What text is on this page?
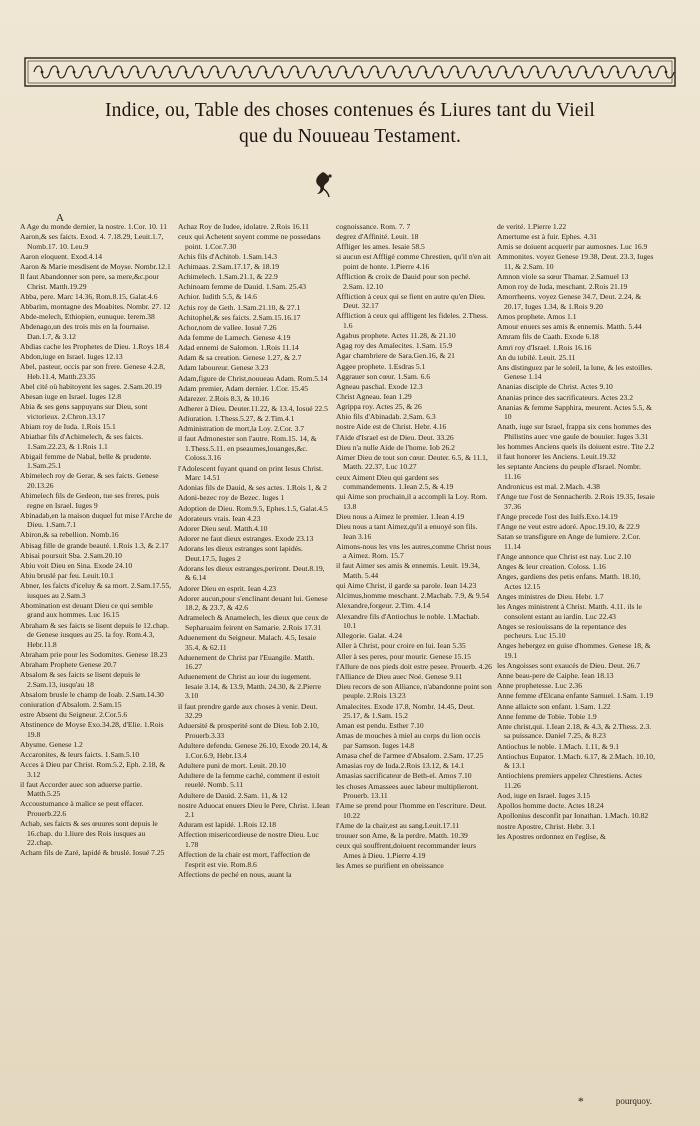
Indice, ou, Table des choses contenues és Liures tant du Vieil
que du Nouueau Testament.
A
A Age du monde dernier, la nostre. 1.Cor. 10. 11
Aaron,& ses faicts. Exod. 4. 7.18.29, Leuit.1.7, Nomb.17. 10. Leu.9
Aaron eloquent. Exod.4.14
Aaron & Marie mesdisent de Moyse. Nombr.12.1
Il faut Abandonner son pere, sa mere,&c.pour Christ. Matth.19.29
Abba, pere. Marc 14.36, Rom.8.15, Galat.4.6
Abbarim, montagne des Moabites. Nombr. 27. 12
Abde-melech, Ethiopien, eunuque. Ierem.38
Abdenago,un des trois mis en la fournaise. Dan.1.7, & 3.12
Abdias cache les Prophetes de Dieu. 1.Roys 18.4
Abdon,iuge en Israel. Iuges 12.13
Abel, pasteur, occis par son frere. Genese 4.2.8, Heb.11.4, Matth.23.35
Abel cité où habitoyent les sages. 2.Sam.20.19
Abesan iuge en Israel. Iuges 12.8
Abia & ses gens sappuyans sur Dieu, sont victorieux. 2.Chron.13.17
Abiam roy de Iuda. 1.Rois 15.1
Abiathar fils d'Achimelech, & ses faicts. 1.Sam.22.23, & 1.Rois 1.1
Abigail femme de Nabal, belle & prudente. 1.Sam.25.1
Abimelech roy de Gerar, & ses faicts. Genese 20.13.26
Abimelech fils de Gedeon, tue ses freres, puis regne en Israel. Iuges 9
Abinadab,en la maison duquel fut mise l'Arche de Dieu. 1.Sam.7.1
Abiron,& sa rebellion. Nomb.16
Abisag fille de grande beauté. 1.Rois 1.3, & 2.17
Abisai poursuit Sba. 2.Sam.20.10
Abiu voit Dieu en Sina. Exode 24.10
Abiu bruslé par feu. Leuit.10.1
Abner, les faicts d'iceluy & sa mort. 2.Sam.17.55, iusques au 2.Sam.3
Abomination est deuant Dieu ce qui semble grand aux hommes. Luc 16.15
Abraham & ses faicts se lisent depuis le 12.chap. de Genese iusques au 25. la foy. Rom.4.3, Hebr.11.8
Abraham prie pour les Sodomites. Genese 18.23
Abraham Prophete Genese 20.7
Absalom & ses faicts se lisent depuis le 2.Sam.13, iusqu'au 18
Absalom brusle le champ de Ioab. 2.Sam.14.30
coniuration d'Absalom. 2.Sam.15
estre Absent du Seigneur. 2.Cor.5.6
Abstinence de Moyse Exo.34.28, d'Elie. 1.Rois 19.8
Abysme. Genese 1.2
Accaronites, & leurs faicts. 1.Sam.5.10
Acces à Dieu par Christ. Rom.5.2, Eph. 2.18, & 3.12
il faut Accorder auec son aduerse partie. Matth.5.25
Accoustumance à malice se peut effacer. Prouerb.22.6
Achab, ses faicts & ses œuures sont depuis le 16.chap. du 1.liure des Rois iusques au 22.chap.
Acham fils de Zaré, lapidé & bruslé. Iosué 7.25
Achaz Roy de Iudee, idolatre. 2.Rois 16.11
ceux qui Achetent soyent comme ne possedans point. 1.Cor.7.30
Achis fils d'Achitob. 1.Sam.14.3
Achimaas. 2.Sam.17.17, & 18.19
Achimelech. 1.Sam.21.1, & 22.9
Achinoam femme de Dauid. 1.Sam. 25.43
Achior. Iudith 5.5, & 14.6
Achis roy de Geth. 1.Sam.21.10, & 27.1
Achitophel,& ses faicts. 2.Sam.15.16.17
Achor,nom de vallee. Iosué 7.26
Ada femme de Lamech. Genese 4.19
Adad ennemi de Salomon. 1.Rois 11.14
Adam & sa creation. Genese 1.27, & 2.7
Adam laboureur. Genese 3.23
Adam,figure de Christ,nouueau Adam. Rom.5.14
Adam premier, Adam dernier. 1.Cor. 15.45
Adarezer. 2.Rois 8.3, & 10.16
Adherer à Dieu. Deuter.11.22, & 13.4, Iosué 22.5
Adiuration. 1.Thess.5.27, & 2.Tim.4.1
Administration de mort,la Loy. 2.Cor. 3.7
il faut Admonester son l'autre. Rom.15. 14, & 1.Thess.5.11. en pseaumes,louanges,&c. Coloss.3.16
l'Adolescent fuyant quand on print Iesus Christ. Marc 14.51
Adonias fils de Dauid, & ses actes. 1.Rois 1, & 2
Adoni-bezec roy de Bezec. Iuges 1
Adoption de Dieu. Rom.9.5, Ephes.1.5, Galat.4.5
Adorateurs vrais. Iean 4.23
Adorer Dieu seul. Matth.4.10
Adorer ne faut dieux estranges. Exode 23.13
Adorans les dieux estranges sont lapidés. Deut.17.5, Iuges 2
Adorans les dieux estranges,periront. Deut.8.19, & 6.14
Adorer Dieu en esprit. Iean 4.23
Adorer aucun,pour s'enclinant deuant lui. Genese 18.2, & 23.7, & 42.6
Adramelech & Anamelech, les dieux que ceux de Sepharuaim feirent en Samarie. 2.Rois 17.31
Aduenement du Seigneur. Malach. 4.5, Iesaie 35.4, & 62.11
Aduenement de Christ par l'Euangile. Matth. 16.27
Aduenement de Christ au iour du iugement. Iesaie 3.14, & 13.9, Matth. 24.30, & 2.Pierre 3.10
il faut prendre garde aux choses à venir. Deut. 32.29
Aduersité & prosperité sont de Dieu. Iob 2.10, Prouerb.3.33
Adultere defendu. Genese 26.10, Exode 20.14, & 1.Cor.6.9, Hebr.13.4
Adultere puni de mort. Leuit. 20.10
Adultere de la femme caché, comment il estoit reuelé. Nomb. 5.11
Adultere de Dauid. 2.Sam. 11, & 12
nostre Aduocat enuers Dieu le Pere, Christ. 1.Iean 2.1
Aduram est lapidé. 1.Rois 12.18
Affection misericordieuse de nostre Dieu. Luc 1.78
Affection de la chair est mort, l'affection de l'esprit est vie. Rom.8.6
Affections de peché en nous, auant la
cognoissance. Rom. 7. 7
degrez d'Affinité. Leuit. 18
Affliger les ames. Iesaie 58.5
si aucun est Affligé comme Chrestien, qu'il n'en ait point de honte. 1.Pierre 4.16
Affliction & croix de Dauid pour son peché. 2.Sam. 12.10
Affliction à ceux qui se fient en autre qu'en Dieu. Deut. 32.17
Affliction à ceux qui affligent les fideles. 2.Thess. 1.6
Agabus prophete. Actes 11.28, & 21.10
Agag roy des Amalecites. 1.Sam. 15.9
Agar chambriere de Sara.Gen.16, & 21
Aggee prophete. 1.Esdras 5.1
Aggrauer son cœur. 1.Sam. 6.6
Agneau paschal. Exode 12.3
Christ Agneau. Iean 1.29
Agrippa roy. Actes 25, & 26
Ahio fils d'Abinadab. 2.Sam. 6.3
nostre Aide est de Christ. Hebr. 4.16
l'Aide d'Israel est de Dieu. Deut. 33.26
Dieu n'a nulle Aide de l'home. Iob 26.2
Aimer Dieu de tout son cœur. Deuter. 6.5, & 11.1, Matth. 22.37, Luc 10.27
ceux Aiment Dieu qui gardent ses commandements. 1.Iean 2.5, & 4.19
qui Aime son prochain,il a accompli la Loy. Rom. 13.8
Dieu nous a Aimez le premier. 1.Iean 4.19
Dieu nous a tant Aimez,qu'il a enuoyé son fils. Iean 3.16
Aimons-nous les vns les autres,comme Christ nous a Aimez. Rom. 15.7
il faut Aimer ses amis & ennemis. Leuit. 19.34, Matth. 5.44
qui Aime Christ, il garde sa parole. Iean 14.23
Alcimus,homme meschant. 2.Machab. 7.9, & 9.54
Alexandre,forgeur. 2.Tim. 4.14
Alexandre fils d'Antiochus le noble. 1.Machab. 10.1
Allegorie. Galat. 4.24
Aller à Christ, pour croire en lui. Iean 5.35
Aller à ses peres, pour mourir. Genese 15.15
l'Allure de nos pieds doit estre pesee. Prouerb. 4.26
l'Alliance de Dieu auec Noé. Genese 9.11
Dieu recors de son Alliance, n'abandonne point son peuple. 2.Rois 13.23
Amalecites. Exode 17.8, Nombr. 14.45, Deut. 25.17, & 1.Sam. 15.2
Aman est pendu. Esther 7.10
Amas de mouches à miel au corps du lion occis par Samson. Iuges 14.8
Amasa chef de l'armee d'Absalom. 2.Sam. 17.25
Amasias roy de Iuda.2.Rois 13.12, & 14.1
Amasias sacrificateur de Beth-el. Amos 7.10
les choses Amassees auec labeur multiplieront. Prouerb. 13.11
l'Ame se prend pour l'homme en l'escriture. Deut. 10.22
l'Ame de la chair,est au sang.Leuit.17.11
trouuer son Ame, & la perdre. Matth. 10.39
ceux qui souffrent,doiuent recommander leurs Ames à Dieu. 1.Pierre 4.19
les Ames se purifient en obeissance
de verité. 1.Pierre 1.22
Amertume est à fuir. Ephes. 4.31
Amis se doiuent acquerir par aumosnes. Luc 16.9
Ammonites. voyez Genese 19.38, Deut. 23.3, Iuges 11, & 2.Sam. 10
Amnon viole sa sœur Thamar. 2.Samuel 13
Amon roy de Iuda, meschant. 2.Rois 21.19
Amorrheens. voyez Genese 34.7, Deut. 2.24, & 20.17, Iuges 1.34, & 1.Rois 9.20
Amos prophete. Amos 1.1
Amour enuers ses amis & ennemis. Matth. 5.44
Amram fils de Caath. Exode 6.18
Amri roy d'Israel. 1.Rois 16.16
An du iubilé. Leuit. 25.11
Ans distinguez par le soleil, la lune, & les estoilles. Genese 1.14
Ananias disciple de Christ. Actes 9.10
Ananias prince des sacrificateurs. Actes 23.2
Ananias & femme Sapphira, meurent. Actes 5.5, & 10
Anath, iuge sur Israel, frappa six cens hommes des Philistins auec vne gaule de bouuier. Iuges 3.31
les hommes Anciens quels ils doiuent estre. Tite 2.2
il faut honorer les Anciens. Leuit.19.32
les septante Anciens du peuple d'Israel. Nombr. 11.16
Andronicus est mal. 2.Mach. 4.38
l'Ange tue l'ost de Sennacherib. 2.Rois 19.35, Iesaie 37.36
l'Ange precede l'ost des Iuifs.Exo.14.19
l'Ange ne veut estre adoré. Apoc.19.10, & 22.9
Satan se transfigure en Ange de lumiere. 2.Cor. 11.14
l'Ange annonce que Christ est nay. Luc 2.10
Anges & leur creation. Coloss. 1.16
Anges, gardiens des petis enfans. Matth. 18.10, Actes 12.15
Anges ministres de Dieu. Hebr. 1.7
les Anges ministrent à Christ. Matth. 4.11. ils le consolent estant au iardin. Luc 22.43
Anges se resiouissans de la repentance des pecheurs. Luc 15.10
Anges hebergez en guise d'hommes. Genese 18, & 19.1
les Angoisses sont exaucés de Dieu. Deut. 26.7
Anne beau-pere de Caiphe. Iean 18.13
Anne prophetesse. Luc 2.36
Anne femme d'Elcana enfante Samuel. 1.Sam. 1.19
Anne allaicte son enfant. 1.Sam. 1.22
Anne femme de Tobie. Tobie 1.9
Ante christ,qui. 1.Iean 2.18, & 4.3, & 2.Thess. 2.3. sa puissance. Daniel 7.25, & 8.23
Antiochus le noble. 1.Mach. 1.11, & 9.1
Antiochus Eupator. 1.Mach. 6.17, & 2.Mach. 10.10, & 13.1
Antiochiens premiers appelez Chrestiens. Actes 11.26
Aod, iuge en Israel. Iuges 3.15
Apollos homme docte. Actes 18.24
Apollonius desconfit par Ionathan. 1.Mach. 10.82
nostre Apostre, Christ. Hebr. 3.1
les Apostres ordonnez en l'eglise, &
*	pourquoy.
